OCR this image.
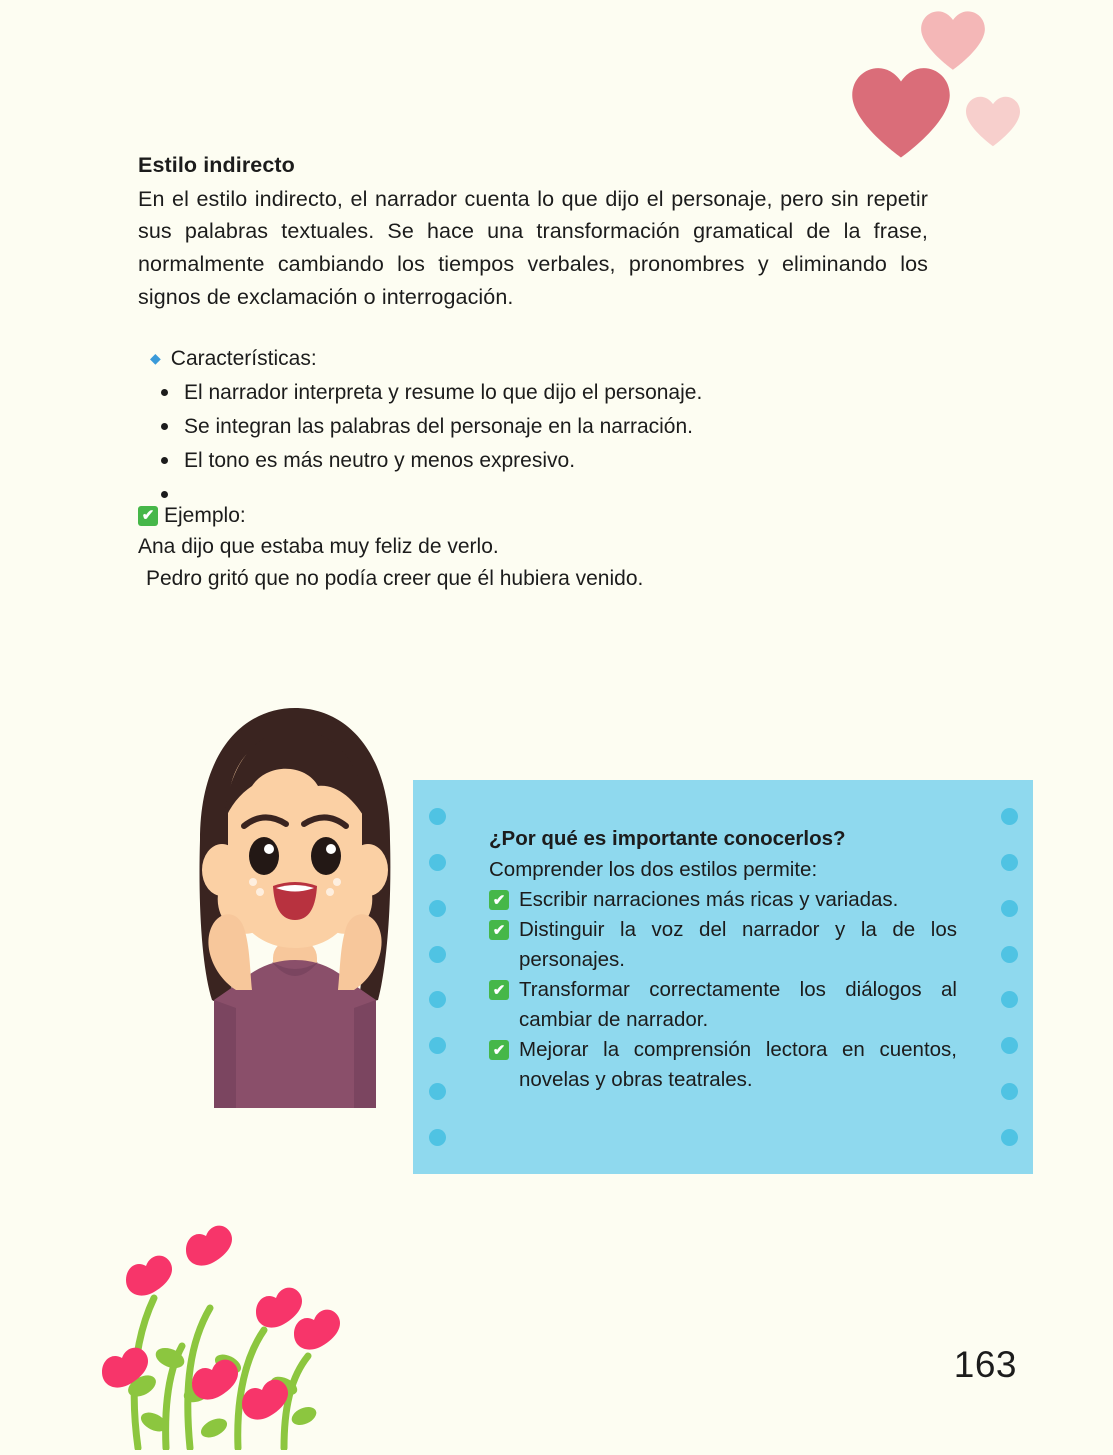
Estilo indirecto

En el estilo indirecto, el narrador cuenta lo que dijo el personaje, pero sin repetir sus palabras textuales. Se hace una transformación gramatical de la frase, normalmente cambiando los tiempos verbales, pronombres y eliminando los signos de exclamación o interrogación.

◆ Características:
El narrador interpreta y resume lo que dijo el personaje.
Se integran las palabras del personaje en la narración.
El tono es más neutro y menos expresivo.
✔ Ejemplo:

Ana dijo que estaba muy feliz de verlo.

Pedro gritó que no podía creer que él hubiera venido.

¿Por qué es importante conocerlos?
Comprender los dos estilos permite:
✔ Escribir narraciones más ricas y variadas.
✔ Distinguir la voz del narrador y la de los personajes.
✔ Transformar correctamente los diálogos al cambiar de narrador.
✔ Mejorar la comprensión lectora en cuentos, novelas y obras teatrales.
163
